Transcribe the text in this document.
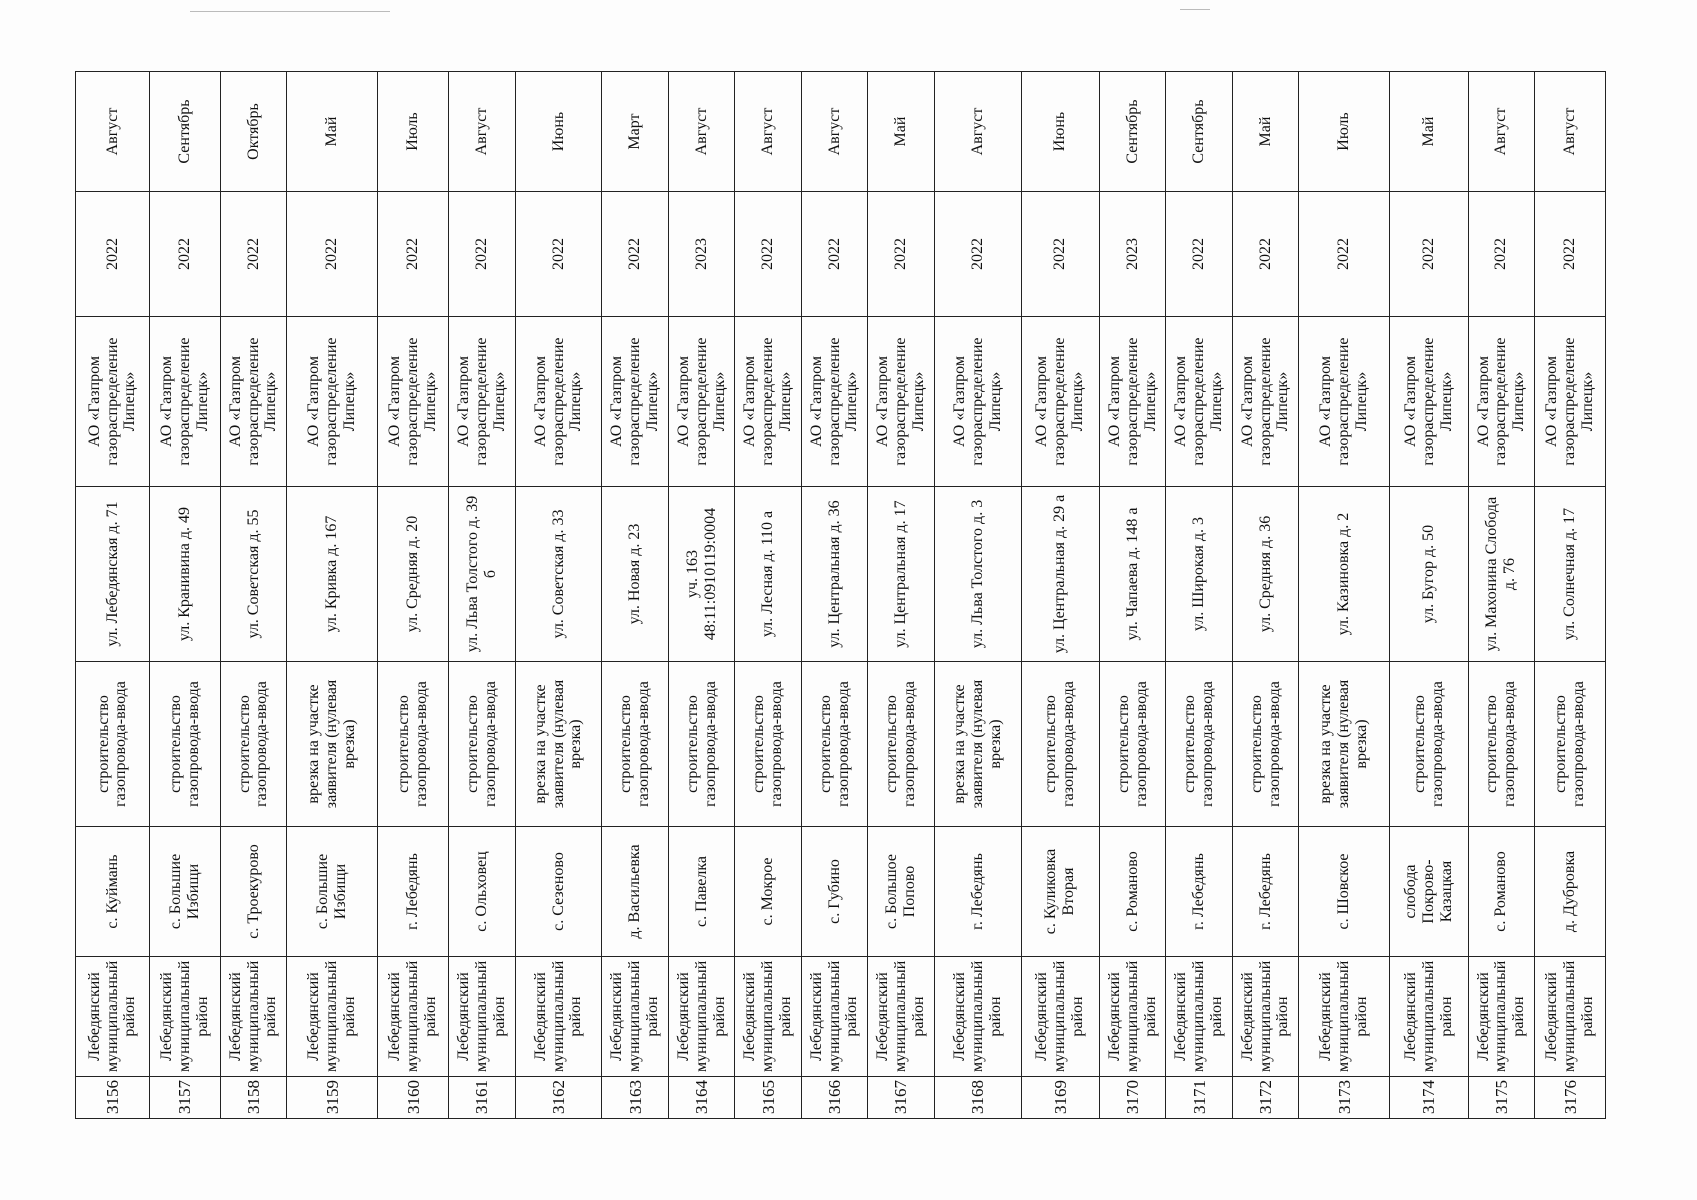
3156	Лебедянский муниципальный район	с. Куймань	строительство газопровода-ввода	ул. Лебедянская д. 71	АО «Газпром газораспределение Липецк»	2022	Август
3157	Лебедянский муниципальный район	с. Большие Избищи	строительство газопровода-ввода	ул. Кранивина д. 49	АО «Газпром газораспределение Липецк»	2022	Сентябрь
3158	Лебедянский муниципальный район	с. Троекурово	строительство газопровода-ввода	ул. Советская д. 55	АО «Газпром газораспределение Липецк»	2022	Октябрь
3159	Лебедянский муниципальный район	с. Большие Избищи	врезка на участке заявителя (нулевая врезка)	ул. Кривка д. 167	АО «Газпром газораспределение Липецк»	2022	Май
3160	Лебедянский муниципальный район	г. Лебедянь	строительство газопровода-ввода	ул. Средняя д. 20	АО «Газпром газораспределение Липецк»	2022	Июль
3161	Лебедянский муниципальный район	с. Ольховец	строительство газопровода-ввода	ул. Льва Толстого д. 39 б	АО «Газпром газораспределение Липецк»	2022	Август
3162	Лебедянский муниципальный район	с. Сезеново	врезка на участке заявителя (нулевая врезка)	ул. Советская д. 33	АО «Газпром газораспределение Липецк»	2022	Июнь
3163	Лебедянский муниципальный район	д. Васильевка	строительство газопровода-ввода	ул. Новая д. 23	АО «Газпром газораспределение Липецк»	2022	Март
3164	Лебедянский муниципальный район	с. Павелка	строительство газопровода-ввода	уч. 163 48:11:0910119:0004	АО «Газпром газораспределение Липецк»	2023	Август
3165	Лебедянский муниципальный район	с. Мокрое	строительство газопровода-ввода	ул. Лесная д. 110 а	АО «Газпром газораспределение Липецк»	2022	Август
3166	Лебедянский муниципальный район	с. Губино	строительство газопровода-ввода	ул. Центральная д. 36	АО «Газпром газораспределение Липецк»	2022	Август
3167	Лебедянский муниципальный район	с. Большое Попово	строительство газопровода-ввода	ул. Центральная д. 17	АО «Газпром газораспределение Липецк»	2022	Май
3168	Лебедянский муниципальный район	г. Лебедянь	врезка на участке заявителя (нулевая врезка)	ул. Льва Толстого д. 3	АО «Газпром газораспределение Липецк»	2022	Август
3169	Лебедянский муниципальный район	с. Куликовка Вторая	строительство газопровода-ввода	ул. Центральная д. 29 а	АО «Газпром газораспределение Липецк»	2022	Июнь
3170	Лебедянский муниципальный район	с. Романово	строительство газопровода-ввода	ул. Чапаева д. 148 а	АО «Газпром газораспределение Липецк»	2023	Сентябрь
3171	Лебедянский муниципальный район	г. Лебедянь	строительство газопровода-ввода	ул. Широкая д. 3	АО «Газпром газораспределение Липецк»	2022	Сентябрь
3172	Лебедянский муниципальный район	г. Лебедянь	строительство газопровода-ввода	ул. Средняя д. 36	АО «Газпром газораспределение Липецк»	2022	Май
3173	Лебедянский муниципальный район	с. Шовское	врезка на участке заявителя (нулевая врезка)	ул. Казиновка д. 2	АО «Газпром газораспределение Липецк»	2022	Июль
3174	Лебедянский муниципальный район	слобода Покрово-Казацкая	строительство газопровода-ввода	ул. Бугор д. 50	АО «Газпром газораспределение Липецк»	2022	Май
3175	Лебедянский муниципальный район	с. Романово	строительство газопровода-ввода	ул. Махонина Слобода д. 76	АО «Газпром газораспределение Липецк»	2022	Август
3176	Лебедянский муниципальный район	д. Дубровка	строительство газопровода-ввода	ул. Солнечная д. 17	АО «Газпром газораспределение Липецк»	2022	Август
